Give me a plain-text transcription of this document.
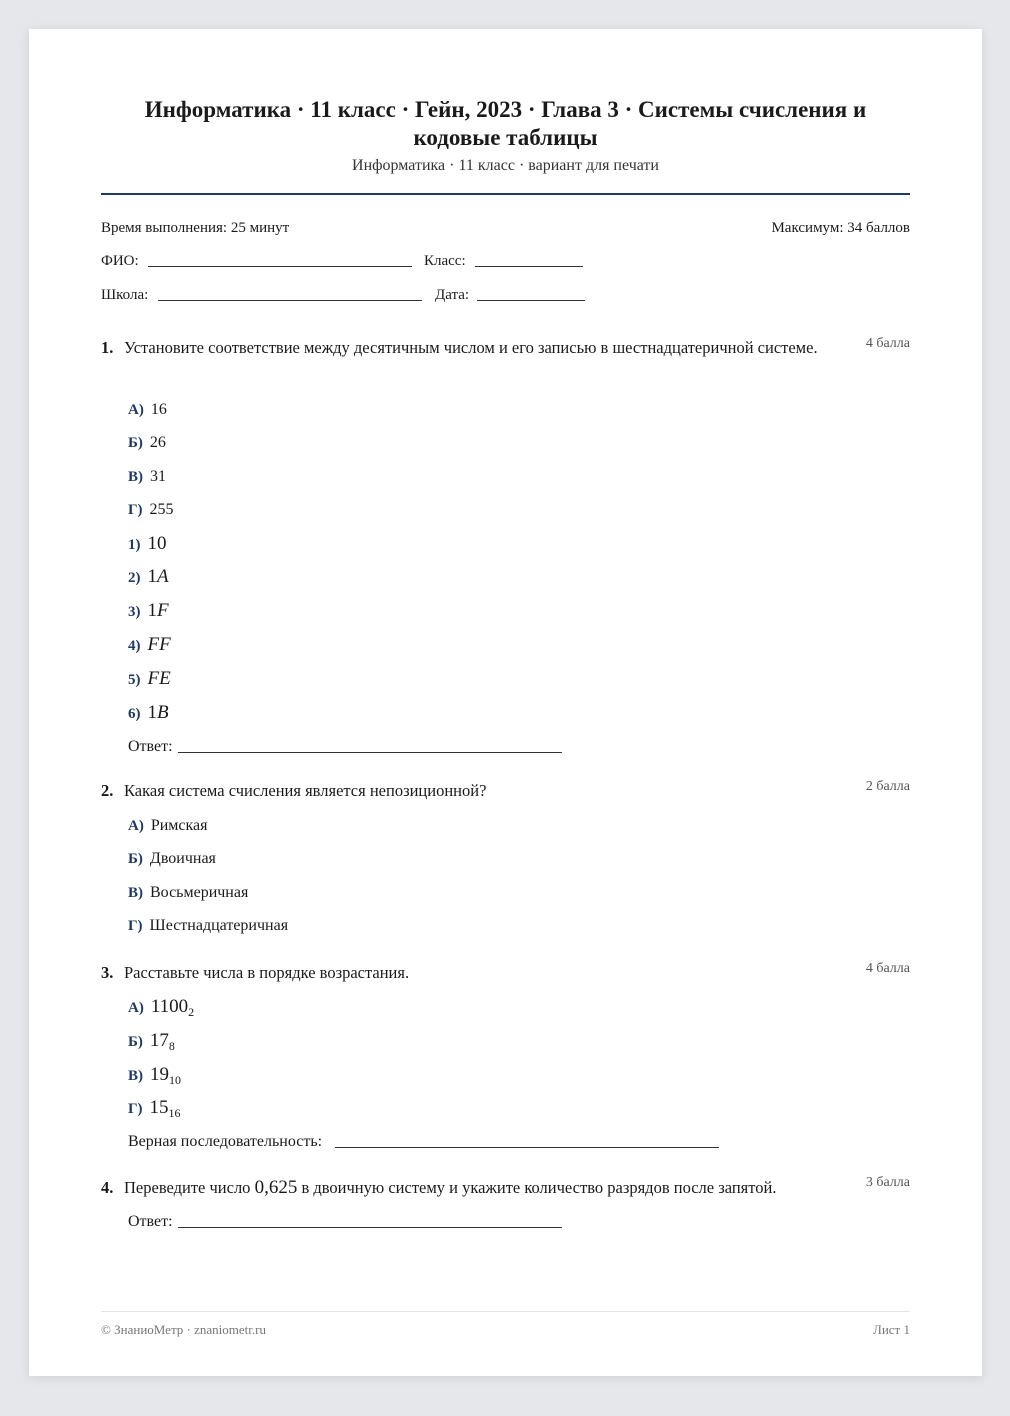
Информатика · 11 класс · Гейн, 2023 · Глава 3 · Системы счисления и кодовые таблицы
Информатика · 11 класс · вариант для печати
Время выполнения: 25 минут	Максимум: 34 баллов
ФИО:	Класс:
Школа:	Дата:
1. Установите соответствие между десятичным числом и его записью в шестнадцатеричной системе.	4 балла
А) 16
Б) 26
В) 31
Г) 255
1) 10
2) 1A
3) 1F
4) FF
5) FE
6) 1B
Ответ:
2. Какая система счисления является непозиционной?	2 балла
А) Римская
Б) Двоичная
В) Восьмеричная
Г) Шестнадцатеричная
3. Расставьте числа в порядке возрастания.	4 балла
А) $1100_2$
Б) $17_8$
В) $19_{10}$
Г) $15_{16}$
Верная последовательность:
4. Переведите число 0,625 в двоичную систему и укажите количество разрядов после запятой.	3 балла
Ответ:
© ЗнаниоМетр · znaniometr.ru	Лист 1
